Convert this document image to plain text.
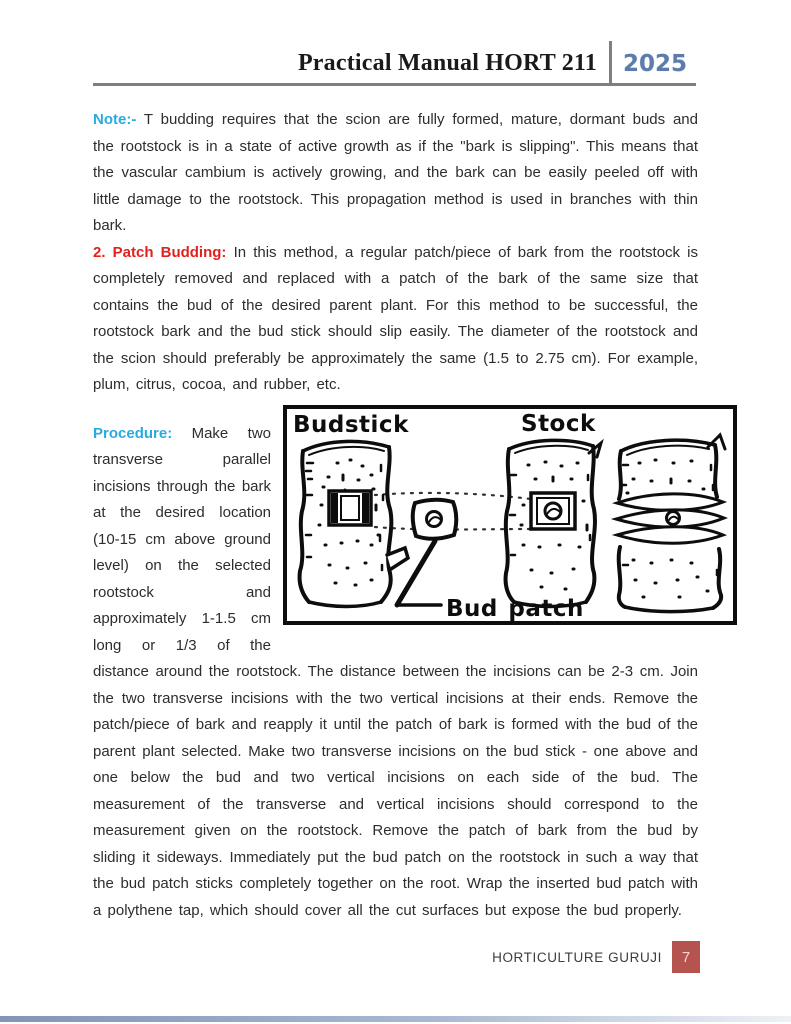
Practical Manual HORT 211	2025

Note:- T budding requires that the scion are fully formed, mature, dormant buds and the rootstock is in a state of active growth as if the "bark is slipping". This means that the vascular cambium is actively growing, and the bark can be easily peeled off with little damage to the rootstock. This propagation method is used in branches with thin bark.

2. Patch Budding: In this method, a regular patch/piece of bark from the rootstock is completely removed and replaced with a patch of the bark of the same size that contains the bud of the desired parent plant. For this method to be successful, the rootstock bark and the bud stick should slip easily. The diameter of the rootstock and the scion should preferably be approximately the same (1.5 to 2.75 cm). For example, plum, citrus, cocoa, and rubber, etc.

Budstick	Stock
Bud patch

Procedure: Make two transverse parallel incisions through the bark at the desired location (10-15 cm above ground level) on the selected rootstock and approximately 1-1.5 cm long or 1/3 of the distance around the rootstock. The distance between the incisions can be 2-3 cm. Join the two transverse incisions with the two vertical incisions at their ends. Remove the patch/piece of bark and reapply it until the patch of bark is formed with the bud of the parent plant selected. Make two transverse incisions on the bud stick - one above and one below the bud and two vertical incisions on each side of the bud. The measurement of the transverse and vertical incisions should correspond to the measurement given on the rootstock. Remove the patch of bark from the bud by sliding it sideways. Immediately put the bud patch on the rootstock in such a way that the bud patch sticks completely together on the root. Wrap the inserted bud patch with a polythene tap, which should cover all the cut surfaces but expose the bud properly.

HORTICULTURE GURUJI	7
